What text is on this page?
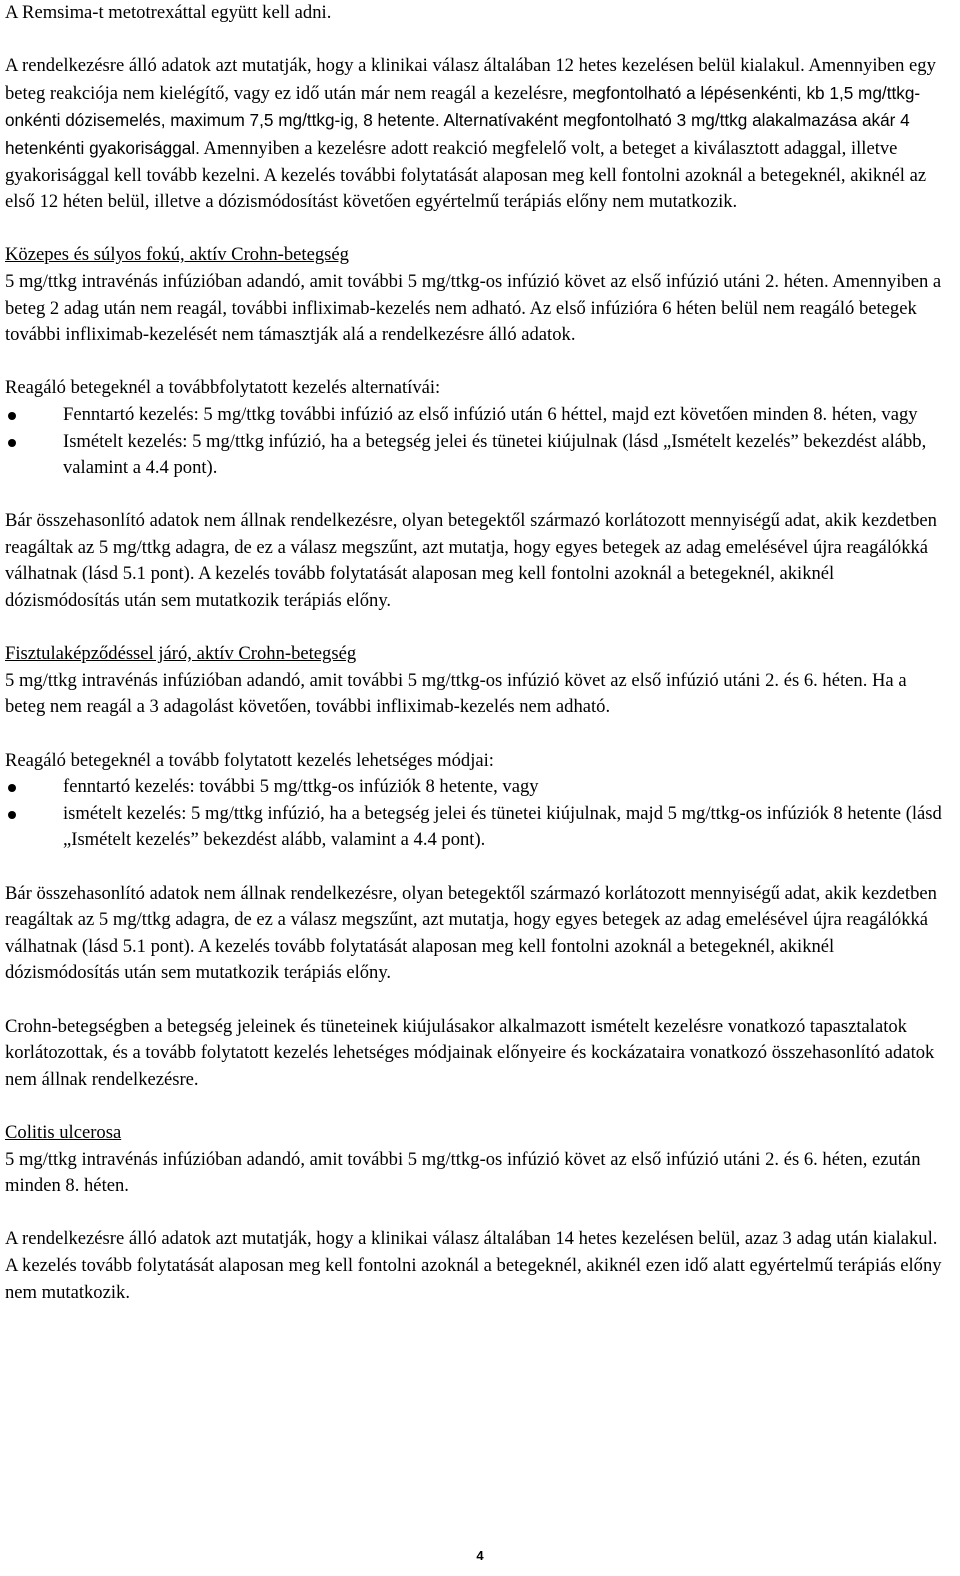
A Remsima-t metotrexáttal együtt kell adni.

A rendelkezésre álló adatok azt mutatják, hogy a klinikai válasz általában 12 hetes kezelésen belül kialakul. Amennyiben egy beteg reakciója nem kielégítő, vagy ez idő után már nem reagál a kezelésre, megfontolható a lépésenkénti, kb 1,5 mg/ttkg-onkénti dózisemelés, maximum 7,5 mg/ttkg-ig, 8 hetente. Alternatívaként megfontolható 3 mg/ttkg alakalmazása akár 4 hetenkénti gyakorisággal. Amennyiben a kezelésre adott reakció megfelelő volt, a beteget a kiválasztott adaggal, illetve gyakorisággal kell tovább kezelni. A kezelés további folytatását alaposan meg kell fontolni azoknál a betegeknél, akiknél az első 12 héten belül, illetve a dózismódosítást követően egyértelmű terápiás előny nem mutatkozik.

Közepes és súlyos fokú, aktív Crohn-betegség
5 mg/ttkg intravénás infúzióban adandó, amit további 5 mg/ttkg-os infúzió követ az első infúzió utáni 2. héten. Amennyiben a beteg 2 adag után nem reagál, további infliximab-kezelés nem adható. Az első infúzióra 6 héten belül nem reagáló betegek további infliximab-kezelését nem támasztják alá a rendelkezésre álló adatok.

Reagáló betegeknél a továbbfolytatott kezelés alternatívái:

Fenntartó kezelés: 5 mg/ttkg további infúzió az első infúzió után 6 héttel, majd ezt követően minden 8. héten, vagy
Ismételt kezelés: 5 mg/ttkg infúzió, ha a betegség jelei és tünetei kiújulnak (lásd „Ismételt kezelés” bekezdést alább, valamint a 4.4 pont).

Bár összehasonlító adatok nem állnak rendelkezésre, olyan betegektől származó korlátozott mennyiségű adat, akik kezdetben reagáltak az 5 mg/ttkg adagra, de ez a válasz megszűnt, azt mutatja, hogy egyes betegek az adag emelésével újra reagálókká válhatnak (lásd 5.1 pont). A kezelés tovább folytatását alaposan meg kell fontolni azoknál a betegeknél, akiknél dózismódosítás után sem mutatkozik terápiás előny.

Fisztulaképződéssel járó, aktív Crohn-betegség
5 mg/ttkg intravénás infúzióban adandó, amit további 5 mg/ttkg-os infúzió követ az első infúzió utáni 2. és 6. héten. Ha a beteg nem reagál a 3 adagolást követően, további infliximab-kezelés nem adható.

Reagáló betegeknél a tovább folytatott kezelés lehetséges módjai:

fenntartó kezelés: további 5 mg/ttkg-os infúziók 8 hetente, vagy
ismételt kezelés: 5 mg/ttkg infúzió, ha a betegség jelei és tünetei kiújulnak, majd 5 mg/ttkg-os infúziók 8 hetente (lásd „Ismételt kezelés” bekezdést alább, valamint a 4.4 pont).

Bár összehasonlító adatok nem állnak rendelkezésre, olyan betegektől származó korlátozott mennyiségű adat, akik kezdetben reagáltak az 5 mg/ttkg adagra, de ez a válasz megszűnt, azt mutatja, hogy egyes betegek az adag emelésével újra reagálókká válhatnak (lásd 5.1 pont). A kezelés tovább folytatását alaposan meg kell fontolni azoknál a betegeknél, akiknél dózismódosítás után sem mutatkozik terápiás előny.

Crohn-betegségben a betegség jeleinek és tüneteinek kiújulásakor alkalmazott ismételt kezelésre vonatkozó tapasztalatok korlátozottak, és a tovább folytatott kezelés lehetséges módjainak előnyeire és kockázataira vonatkozó összehasonlító adatok nem állnak rendelkezésre.

Colitis ulcerosa
5 mg/ttkg intravénás infúzióban adandó, amit további 5 mg/ttkg-os infúzió követ az első infúzió utáni 2. és 6. héten, ezután minden 8. héten.

A rendelkezésre álló adatok azt mutatják, hogy a klinikai válasz általában 14 hetes kezelésen belül, azaz 3 adag után kialakul. A kezelés tovább folytatását alaposan meg kell fontolni azoknál a betegeknél, akiknél ezen idő alatt egyértelmű terápiás előny nem mutatkozik.

4
